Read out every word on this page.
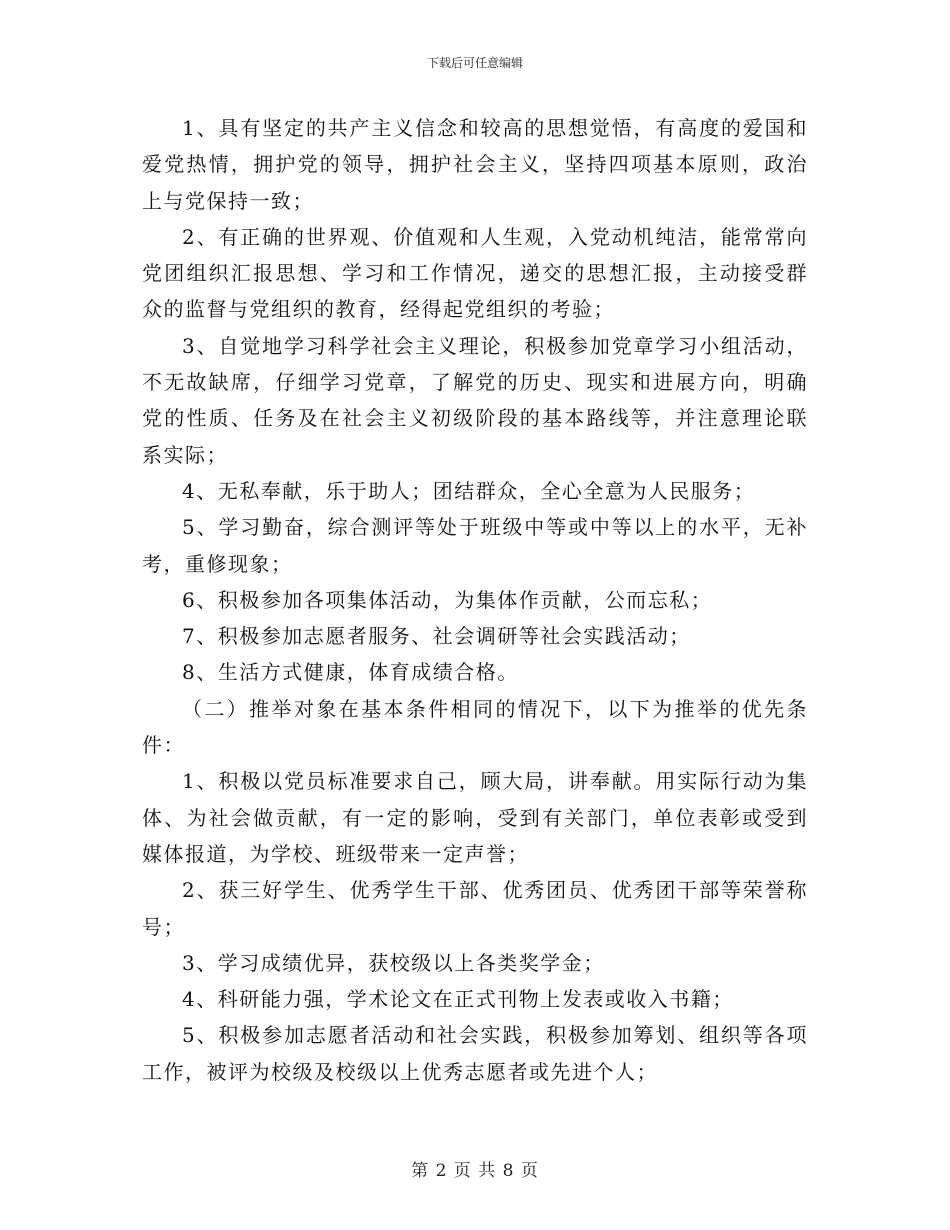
下载后可任意编辑

1、具有坚定的共产主义信念和较高的思想觉悟，有高度的爱国和爱党热情，拥护党的领导，拥护社会主义，坚持四项基本原则，政治上与党保持一致；

2、有正确的世界观、价值观和人生观，入党动机纯洁，能常常向党团组织汇报思想、学习和工作情况，递交的思想汇报，主动接受群众的监督与党组织的教育，经得起党组织的考验；

3、自觉地学习科学社会主义理论，积极参加党章学习小组活动，不无故缺席，仔细学习党章，了解党的历史、现实和进展方向，明确党的性质、任务及在社会主义初级阶段的基本路线等，并注意理论联系实际；

4、无私奉献，乐于助人；团结群众，全心全意为人民服务；

5、学习勤奋，综合测评等处于班级中等或中等以上的水平，无补考，重修现象；

6、积极参加各项集体活动，为集体作贡献，公而忘私；

7、积极参加志愿者服务、社会调研等社会实践活动；

8、生活方式健康，体育成绩合格。

（二）推举对象在基本条件相同的情况下，以下为推举的优先条件：

1、积极以党员标准要求自己，顾大局，讲奉献。用实际行动为集体、为社会做贡献，有一定的影响，受到有关部门，单位表彰或受到媒体报道，为学校、班级带来一定声誉；

2、获三好学生、优秀学生干部、优秀团员、优秀团干部等荣誉称号；

3、学习成绩优异，获校级以上各类奖学金；

4、科研能力强，学术论文在正式刊物上发表或收入书籍；

5、积极参加志愿者活动和社会实践，积极参加筹划、组织等各项工作，被评为校级及校级以上优秀志愿者或先进个人；

第 2 页 共 8 页
